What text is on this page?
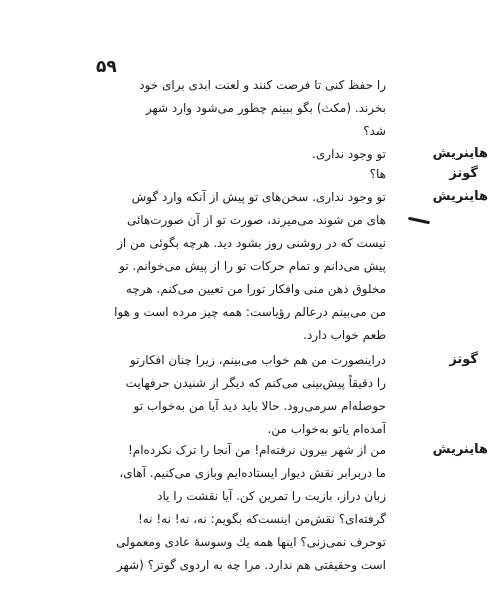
۵۹
را حفظ کنی تا فرصت کنند و لعنت ابدی برای خود
بخرند. (مکث) بگو ببینم چطور می‌شود وارد شهر
شد؟
هاینریش
تو وجود نداری.
گوتز
ها؟
هاینریش
تو وجود نداری. سخن‌های تو پیش از آنکه وارد گوش
های من شوند می‌میرند، صورت تو از آن صورت‌هائی
نیست که در روشنی روز بشود دید. هرچه بگوئی من از
پیش می‌دانم و تمام حرکات تو را از پیش می‌خوانم. تو
مخلوق ذهن منی وافکار تورا من تعیین می‌کنم. هرچه
من می‌بینم درعالم رؤیاست: همه چیز مرده است و هوا
طعم خواب دارد.
گوتز
دراینصورت من هم خواب می‌بینم، زیرا چنان افکارتو
را دقیقاً پیش‌بینی می‌کنم که دیگر از شنیدن حرفهایت
حوصله‌ام سرمی‌رود. حالا باید دید آیا من به‌خواب تو
آمده‌ام یاتو به‌خواب من.
هاینریش
من از شهر بیرون نرفته‌ام! من آنجا را ترک نکرده‌ام!
ما دربرابر نقش دیوار ایستاده‌ایم وبازی می‌کنیم. آهای،
زبان دراز، بازیت را تمرین کن. آیا نقشت را یاد
گرفته‌ای؟ نقش‌من اینست‌که بگویم: نه، نه! نه! نه!
توحرف نمی‌زنی؟ اینها همه یك وسوسهٔ عادی ومعمولی
است وحقیقتی هم ندارد. مرا چه به اردوی گوتز؟ (شهر
